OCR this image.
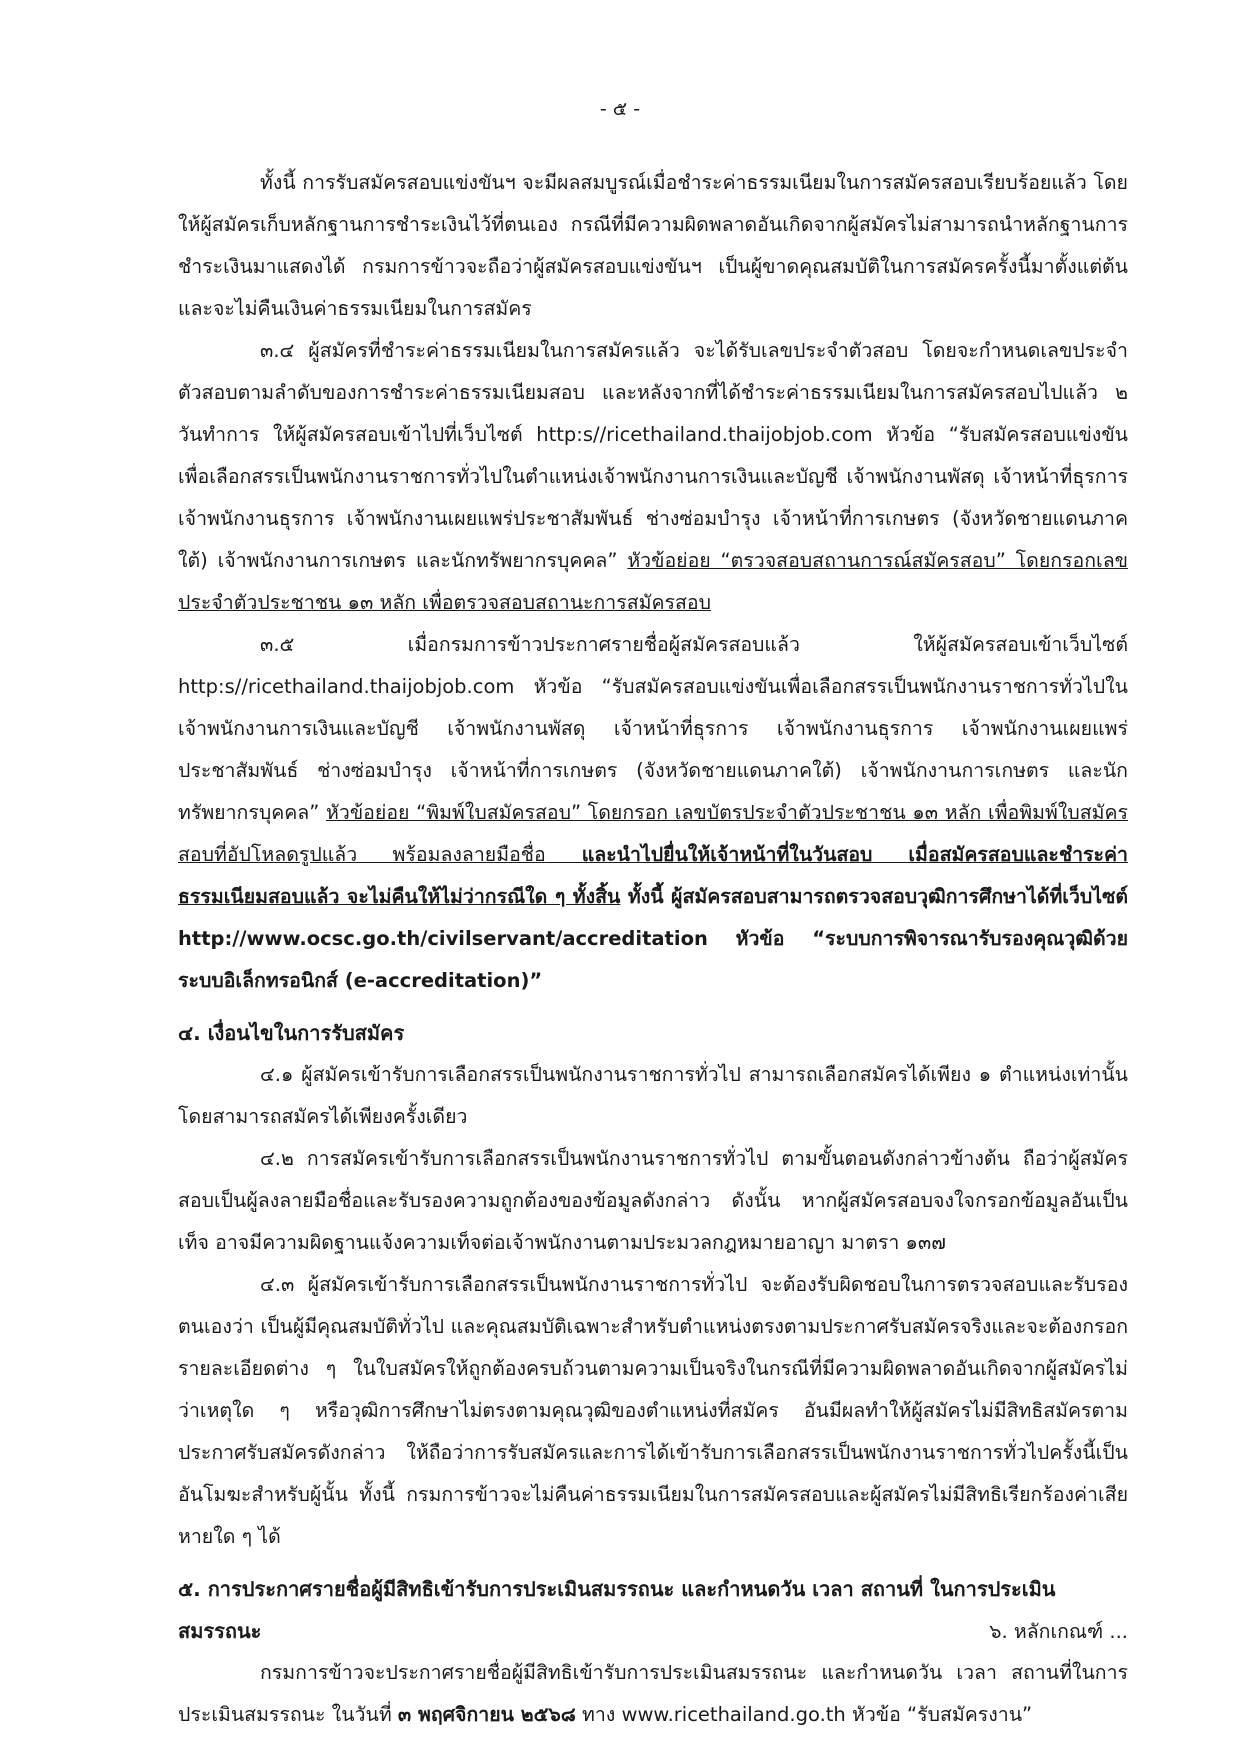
- ๕ -

ทั้งนี้ การรับสมัครสอบแข่งขันฯ จะมีผลสมบูรณ์เมื่อชำระค่าธรรมเนียมในการสมัครสอบเรียบร้อยแล้ว โดยให้ผู้สมัครเก็บหลักฐานการชำระเงินไว้ที่ตนเอง กรณีที่มีความผิดพลาดอันเกิดจากผู้สมัครไม่สามารถนำหลักฐานการชำระเงินมาแสดงได้ กรมการข้าวจะถือว่าผู้สมัครสอบแข่งขันฯ เป็นผู้ขาดคุณสมบัติในการสมัครครั้งนี้มาตั้งแต่ต้น และจะไม่คืนเงินค่าธรรมเนียมในการสมัคร

๓.๔ ผู้สมัครที่ชำระค่าธรรมเนียมในการสมัครแล้ว จะได้รับเลขประจำตัวสอบ โดยจะกำหนดเลขประจำตัวสอบตามลำดับของการชำระค่าธรรมเนียมสอบ และหลังจากที่ได้ชำระค่าธรรมเนียมในการสมัครสอบไปแล้ว ๒ วันทำการ ให้ผู้สมัครสอบเข้าไปที่เว็บไซต์ http:s//ricethailand.thaijobjob.com หัวข้อ “รับสมัครสอบแข่งขันเพื่อเลือกสรรเป็นพนักงานราชการทั่วไปในตำแหน่งเจ้าพนักงานการเงินและบัญชี เจ้าพนักงานพัสดุ เจ้าหน้าที่ธุรการ เจ้าพนักงานธุรการ เจ้าพนักงานเผยแพร่ประชาสัมพันธ์ ช่างซ่อมบำรุง เจ้าหน้าที่การเกษตร (จังหวัดชายแดนภาคใต้) เจ้าพนักงานการเกษตร และนักทรัพยากรบุคคล” หัวข้อย่อย “ตรวจสอบสถานการณ์สมัครสอบ” โดยกรอกเลขประจำตัวประชาชน ๑๓ หลัก เพื่อตรวจสอบสถานะการสมัครสอบ

๓.๕ เมื่อกรมการข้าวประกาศรายชื่อผู้สมัครสอบแล้ว ให้ผู้สมัครสอบเข้าเว็บไซต์ http:s//ricethailand.thaijobjob.com หัวข้อ “รับสมัครสอบแข่งขันเพื่อเลือกสรรเป็นพนักงานราชการทั่วไปในเจ้าพนักงานการเงินและบัญชี เจ้าพนักงานพัสดุ เจ้าหน้าที่ธุรการ เจ้าพนักงานธุรการ เจ้าพนักงานเผยแพร่ประชาสัมพันธ์ ช่างซ่อมบำรุง เจ้าหน้าที่การเกษตร (จังหวัดชายแดนภาคใต้) เจ้าพนักงานการเกษตร และนักทรัพยากรบุคคล” หัวข้อย่อย “พิมพ์ใบสมัครสอบ” โดยกรอก เลขบัตรประจำตัวประชาชน ๑๓ หลัก เพื่อพิมพ์ใบสมัครสอบที่อัปโหลดรูปแล้ว พร้อมลงลายมือชื่อ และนำไปยื่นให้เจ้าหน้าที่ในวันสอบ เมื่อสมัครสอบและชำระค่าธรรมเนียมสอบแล้ว จะไม่คืนให้ไม่ว่ากรณีใด ๆ ทั้งสิ้น ทั้งนี้ ผู้สมัครสอบสามารถตรวจสอบวุฒิการศึกษาได้ที่เว็บไซต์ http://www.ocsc.go.th/civilservant/accreditation หัวข้อ “ระบบการพิจารณารับรองคุณวุฒิด้วยระบบอิเล็กทรอนิกส์ (e-accreditation)”

๔. เงื่อนไขในการรับสมัคร

๔.๑ ผู้สมัครเข้ารับการเลือกสรรเป็นพนักงานราชการทั่วไป สามารถเลือกสมัครได้เพียง ๑ ตำแหน่งเท่านั้น โดยสามารถสมัครได้เพียงครั้งเดียว

๔.๒ การสมัครเข้ารับการเลือกสรรเป็นพนักงานราชการทั่วไป ตามขั้นตอนดังกล่าวข้างต้น ถือว่าผู้สมัครสอบเป็นผู้ลงลายมือชื่อและรับรองความถูกต้องของข้อมูลดังกล่าว ดังนั้น หากผู้สมัครสอบจงใจกรอกข้อมูลอันเป็นเท็จ อาจมีความผิดฐานแจ้งความเท็จต่อเจ้าพนักงานตามประมวลกฎหมายอาญา มาตรา ๑๓๗

๔.๓ ผู้สมัครเข้ารับการเลือกสรรเป็นพนักงานราชการทั่วไป จะต้องรับผิดชอบในการตรวจสอบและรับรองตนเองว่า เป็นผู้มีคุณสมบัติทั่วไป และคุณสมบัติเฉพาะสำหรับตำแหน่งตรงตามประกาศรับสมัครจริงและจะต้องกรอกรายละเอียดต่าง ๆ ในใบสมัครให้ถูกต้องครบถ้วนตามความเป็นจริงในกรณีที่มีความผิดพลาดอันเกิดจากผู้สมัครไม่ว่าเหตุใด ๆ หรือวุฒิการศึกษาไม่ตรงตามคุณวุฒิของตำแหน่งที่สมัคร อันมีผลทำให้ผู้สมัครไม่มีสิทธิสมัครตามประกาศรับสมัครดังกล่าว ให้ถือว่าการรับสมัครและการได้เข้ารับการเลือกสรรเป็นพนักงานราชการทั่วไปครั้งนี้เป็นอันโมฆะสำหรับผู้นั้น ทั้งนี้ กรมการข้าวจะไม่คืนค่าธรรมเนียมในการสมัครสอบและผู้สมัครไม่มีสิทธิเรียกร้องค่าเสียหายใด ๆ ได้

๕. การประกาศรายชื่อผู้มีสิทธิเข้ารับการประเมินสมรรถนะ และกำหนดวัน เวลา สถานที่ ในการประเมินสมรรถนะ

กรมการข้าวจะประกาศรายชื่อผู้มีสิทธิเข้ารับการประเมินสมรรถนะ และกำหนดวัน เวลา สถานที่ในการประเมินสมรรถนะ ในวันที่ ๓ พฤศจิกายน ๒๕๖๘ ทาง www.ricethailand.go.th หัวข้อ “รับสมัครงาน”

๖. หลักเกณฑ์ ...
